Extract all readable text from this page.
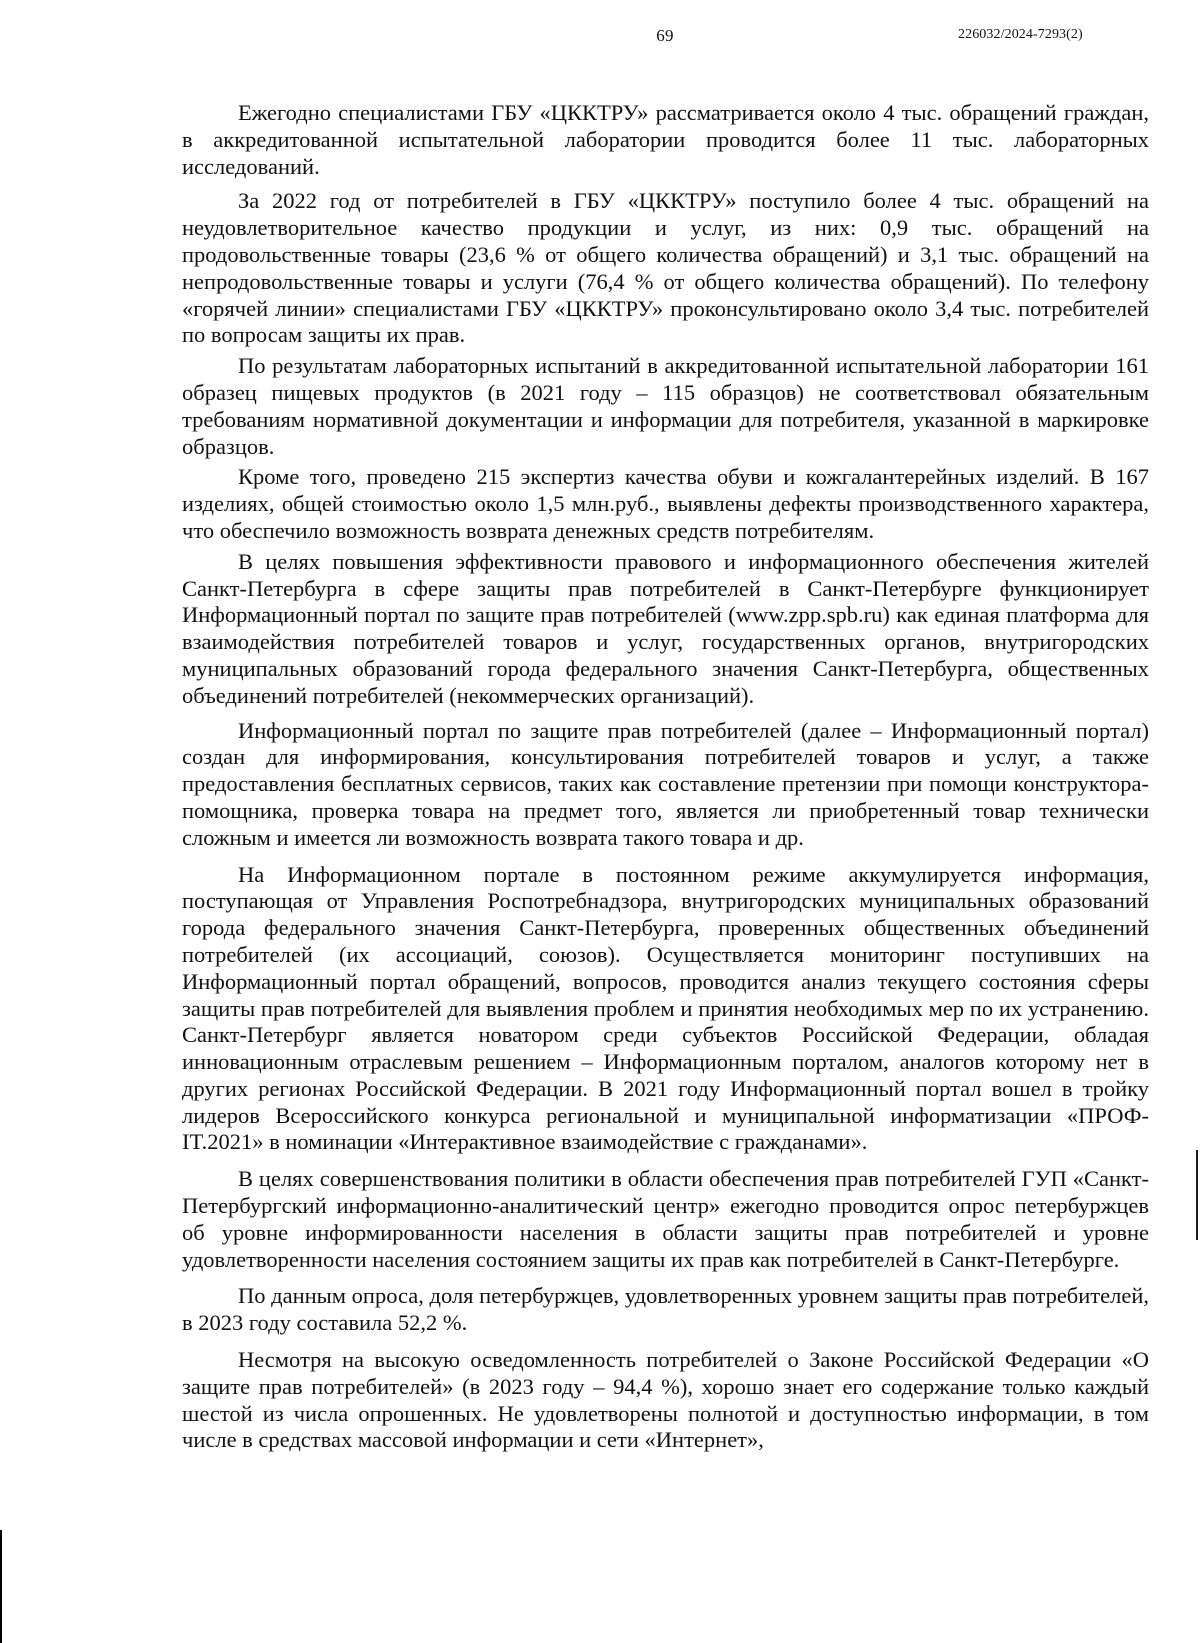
69	226032/2024-7293(2)

Ежегодно специалистами ГБУ «ЦККТРУ» рассматривается около 4 тыс. обращений граждан, в аккредитованной испытательной лаборатории проводится более 11 тыс. лабораторных исследований.

За 2022 год от потребителей в ГБУ «ЦККТРУ» поступило более 4 тыс. обращений на неудовлетворительное качество продукции и услуг, из них: 0,9 тыс. обращений на продовольственные товары (23,6 % от общего количества обращений) и 3,1 тыс. обращений на непродовольственные товары и услуги (76,4 % от общего количества обращений). По телефону «горячей линии» специалистами ГБУ «ЦККТРУ» проконсультировано около 3,4 тыс. потребителей по вопросам защиты их прав.

По результатам лабораторных испытаний в аккредитованной испытательной лаборатории 161 образец пищевых продуктов (в 2021 году – 115 образцов) не соответствовал обязательным требованиям нормативной документации и информации для потребителя, указанной в маркировке образцов.

Кроме того, проведено 215 экспертиз качества обуви и кожгалантерейных изделий. В 167 изделиях, общей стоимостью около 1,5 млн.руб., выявлены дефекты производственного характера, что обеспечило возможность возврата денежных средств потребителям.

В целях повышения эффективности правового и информационного обеспечения жителей Санкт-Петербурга в сфере защиты прав потребителей в Санкт-Петербурге функционирует Информационный портал по защите прав потребителей (www.zpp.spb.ru) как единая платформа для взаимодействия потребителей товаров и услуг, государственных органов, внутригородских муниципальных образований города федерального значения Санкт-Петербурга, общественных объединений потребителей (некоммерческих организаций).

Информационный портал по защите прав потребителей (далее – Информационный портал) создан для информирования, консультирования потребителей товаров и услуг, а также предоставления бесплатных сервисов, таких как составление претензии при помощи конструктора-помощника, проверка товара на предмет того, является ли приобретенный товар технически сложным и имеется ли возможность возврата такого товара и др.

На Информационном портале в постоянном режиме аккумулируется информация, поступающая от Управления Роспотребнадзора, внутригородских муниципальных образований города федерального значения Санкт-Петербурга, проверенных общественных объединений потребителей (их ассоциаций, союзов). Осуществляется мониторинг поступивших на Информационный портал обращений, вопросов, проводится анализ текущего состояния сферы защиты прав потребителей для выявления проблем и принятия необходимых мер по их устранению. Санкт-Петербург является новатором среди субъектов Российской Федерации, обладая инновационным отраслевым решением – Информационным порталом, аналогов которому нет в других регионах Российской Федерации. В 2021 году Информационный портал вошел в тройку лидеров Всероссийского конкурса региональной и муниципальной информатизации «ПРОФ-IT.2021» в номинации «Интерактивное взаимодействие с гражданами».

В целях совершенствования политики в области обеспечения прав потребителей ГУП «Санкт-Петербургский информационно-аналитический центр» ежегодно проводится опрос петербуржцев об уровне информированности населения в области защиты прав потребителей и уровне удовлетворенности населения состоянием защиты их прав как потребителей в Санкт-Петербурге.

По данным опроса, доля петербуржцев, удовлетворенных уровнем защиты прав потребителей, в 2023 году составила 52,2 %.

Несмотря на высокую осведомленность потребителей о Законе Российской Федерации «О защите прав потребителей» (в 2023 году – 94,4 %), хорошо знает его содержание только каждый шестой из числа опрошенных. Не удовлетворены полнотой и доступностью информации, в том числе в средствах массовой информации и сети «Интернет»,
